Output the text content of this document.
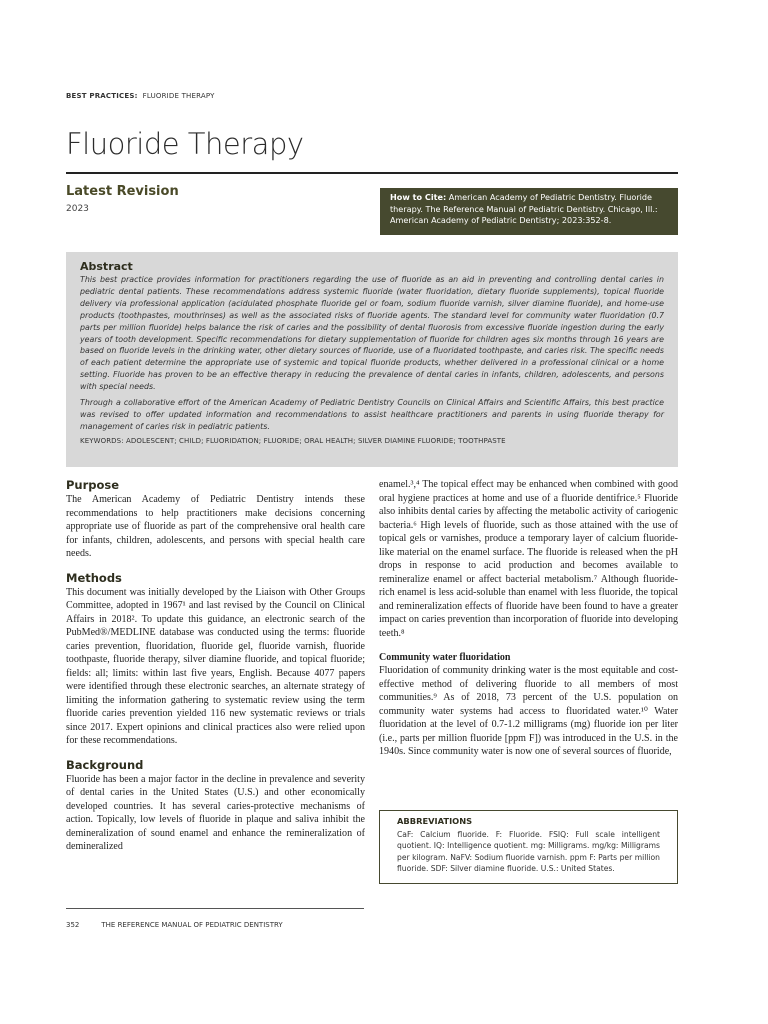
BEST PRACTICES: FLUORIDE THERAPY
Fluoride Therapy
Latest Revision
2023
How to Cite: American Academy of Pediatric Dentistry. Fluoride therapy. The Reference Manual of Pediatric Dentistry. Chicago, Ill.: American Academy of Pediatric Dentistry; 2023:352-8.
Abstract

This best practice provides information for practitioners regarding the use of fluoride as an aid in preventing and controlling dental caries in pediatric dental patients. These recommendations address systemic fluoride (water fluoridation, dietary fluoride supplements), topical fluoride delivery via professional application (acidulated phosphate fluoride gel or foam, sodium fluoride varnish, silver diamine fluoride), and home-use products (toothpastes, mouthrinses) as well as the associated risks of fluoride agents. The standard level for community water fluoridation (0.7 parts per million fluoride) helps balance the risk of caries and the possibility of dental fluorosis from excessive fluoride ingestion during the early years of tooth development. Specific recommendations for dietary supplementation of fluoride for children ages six months through 16 years are based on fluoride levels in the drinking water, other dietary sources of fluoride, use of a fluoridated toothpaste, and caries risk. The specific needs of each patient determine the appropriate use of systemic and topical fluoride products, whether delivered in a professional clinical or a home setting. Fluoride has proven to be an effective therapy in reducing the prevalence of dental caries in infants, children, adolescents, and persons with special needs.

Through a collaborative effort of the American Academy of Pediatric Dentistry Councils on Clinical Affairs and Scientific Affairs, this best practice was revised to offer updated information and recommendations to assist healthcare practitioners and parents in using fluoride therapy for management of caries risk in pediatric patients.

KEYWORDS: ADOLESCENT; CHILD; FLUORIDATION; FLUORIDE; ORAL HEALTH; SILVER DIAMINE FLUORIDE; TOOTHPASTE
Purpose

The American Academy of Pediatric Dentistry intends these recommendations to help practitioners make decisions concerning appropriate use of fluoride as part of the comprehensive oral health care for infants, children, adolescents, and persons with special health care needs.

Methods

This document was initially developed by the Liaison with Other Groups Committee, adopted in 1967¹ and last revised by the Council on Clinical Affairs in 2018². To update this guidance, an electronic search of the PubMed®/MEDLINE database was conducted using the terms: fluoride caries prevention, fluoridation, fluoride gel, fluoride varnish, fluoride toothpaste, fluoride therapy, silver diamine fluoride, and topical fluoride; fields: all; limits: within last five years, English. Because 4077 papers were identified through these electronic searches, an alternate strategy of limiting the information gathering to systematic review using the term fluoride caries prevention yielded 116 new systematic reviews or trials since 2017. Expert opinions and clinical practices also were relied upon for these recommendations.

Background

Fluoride has been a major factor in the decline in prevalence and severity of dental caries in the United States (U.S.) and other economically developed countries. It has several caries-protective mechanisms of action. Topically, low levels of fluoride in plaque and saliva inhibit the demineralization of sound enamel and enhance the remineralization of demineralized

enamel.³,⁴ The topical effect may be enhanced when combined with good oral hygiene practices at home and use of a fluoride dentifrice.⁵ Fluoride also inhibits dental caries by affecting the metabolic activity of cariogenic bacteria.⁶ High levels of fluoride, such as those attained with the use of topical gels or varnishes, produce a temporary layer of calcium fluoride-like material on the enamel surface. The fluoride is released when the pH drops in response to acid production and becomes available to remineralize enamel or affect bacterial metabolism.⁷ Although fluoride-rich enamel is less acid-soluble than enamel with less fluoride, the topical and remineralization effects of fluoride have been found to have a greater impact on caries prevention than incorporation of fluoride into developing teeth.⁸

Community water fluoridation

Fluoridation of community drinking water is the most equitable and cost-effective method of delivering fluoride to all members of most communities.⁹ As of 2018, 73 percent of the U.S. population on community water systems had access to fluoridated water.¹⁰ Water fluoridation at the level of 0.7-1.2 milligrams (mg) fluoride ion per liter (i.e., parts per million fluoride [ppm F]) was introduced in the U.S. in the 1940s. Since community water is now one of several sources of fluoride,

ABBREVIATIONS
CaF: Calcium fluoride. F: Fluoride. FSIQ: Full scale intelligent quotient. IQ: Intelligence quotient. mg: Milligrams. mg/kg: Milligrams per kilogram. NaFV: Sodium fluoride varnish. ppm F: Parts per million fluoride. SDF: Silver diamine fluoride. U.S.: United States.
352	THE REFERENCE MANUAL OF PEDIATRIC DENTISTRY
